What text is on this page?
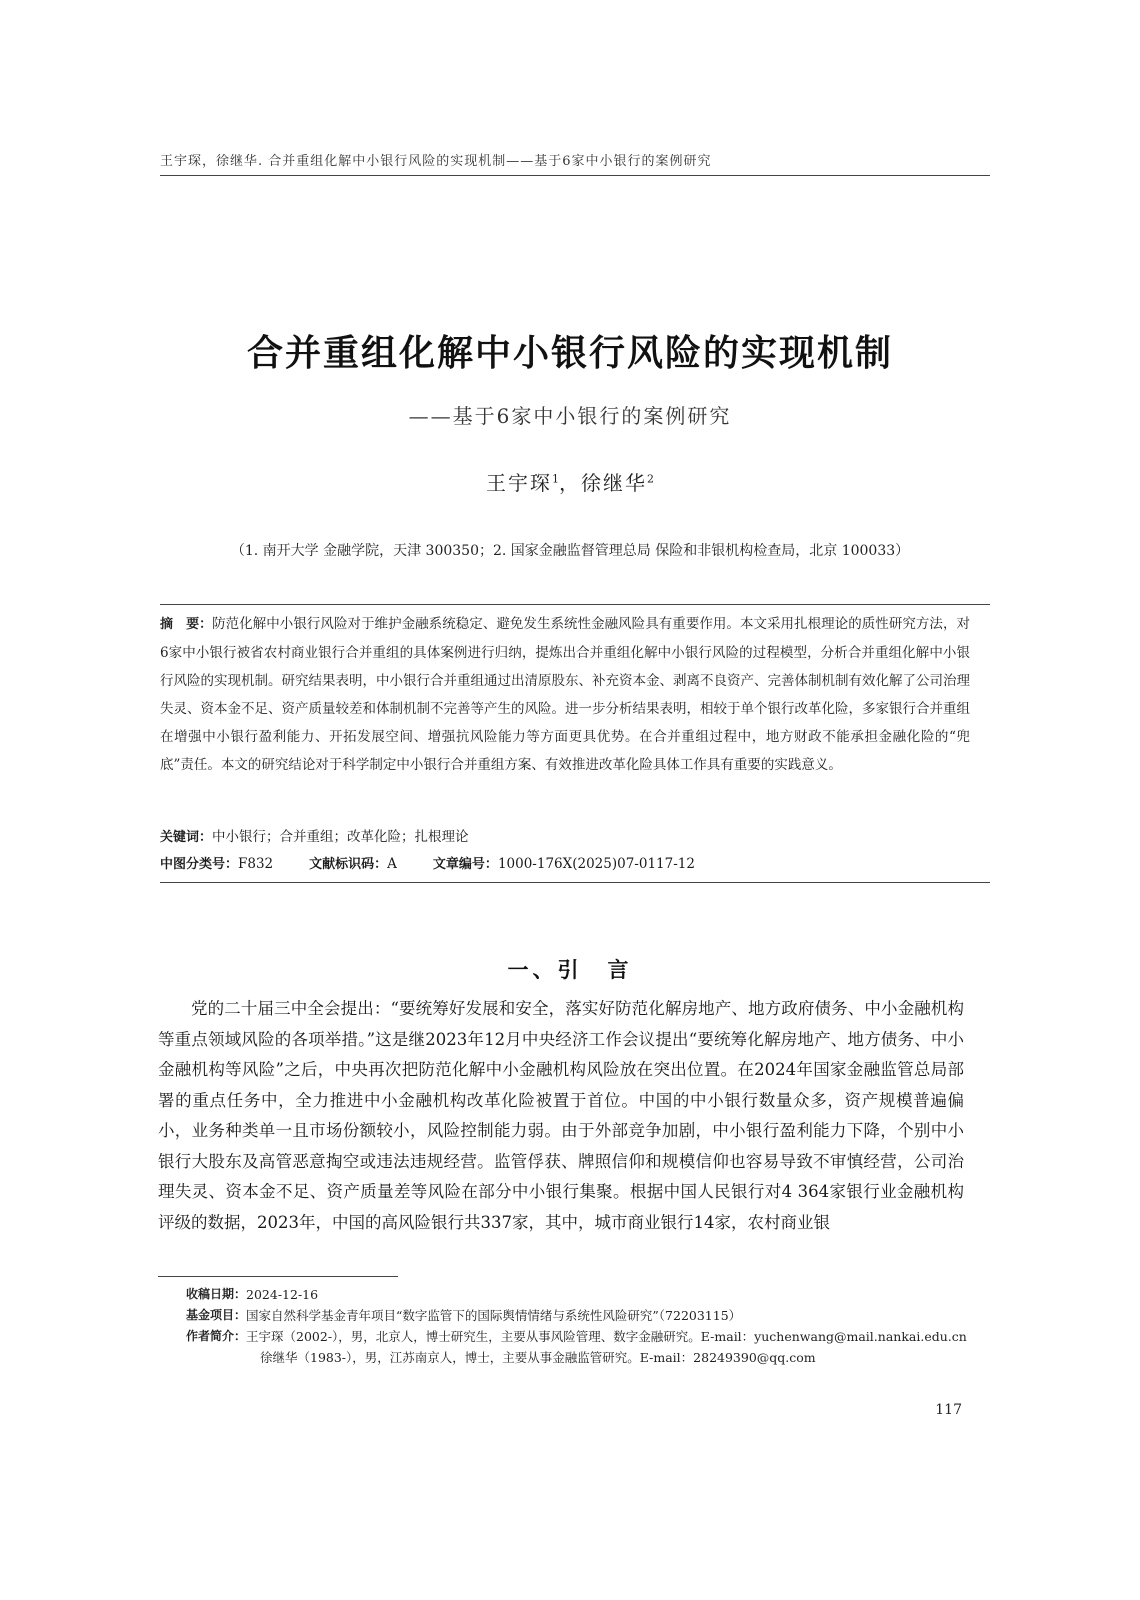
王宇琛，徐继华. 合并重组化解中小银行风险的实现机制——基于6家中小银行的案例研究
合并重组化解中小银行风险的实现机制
——基于6家中小银行的案例研究
王宇琛$^1$，徐继华$^2$
（1. 南开大学 金融学院，天津 300350；2. 国家金融监督管理总局 保险和非银机构检查局，北京 100033）
摘　要：防范化解中小银行风险对于维护金融系统稳定、避免发生系统性金融风险具有重要作用。本文采用扎根理论的质性研究方法，对6家中小银行被省农村商业银行合并重组的具体案例进行归纳，提炼出合并重组化解中小银行风险的过程模型，分析合并重组化解中小银行风险的实现机制。研究结果表明，中小银行合并重组通过出清原股东、补充资本金、剥离不良资产、完善体制机制有效化解了公司治理失灵、资本金不足、资产质量较差和体制机制不完善等产生的风险。进一步分析结果表明，相较于单个银行改革化险，多家银行合并重组在增强中小银行盈利能力、开拓发展空间、增强抗风险能力等方面更具优势。在合并重组过程中，地方财政不能承担金融化险的“兜底”责任。本文的研究结论对于科学制定中小银行合并重组方案、有效推进改革化险具体工作具有重要的实践意义。
关键词：中小银行；合并重组；改革化险；扎根理论
中图分类号：F832	文献标识码：A	文章编号：1000-176X(2025)07-0117-12
一、引　言
党的二十届三中全会提出：“要统筹好发展和安全，落实好防范化解房地产、地方政府债务、中小金融机构等重点领域风险的各项举措。”这是继2023年12月中央经济工作会议提出“要统筹化解房地产、地方债务、中小金融机构等风险”之后，中央再次把防范化解中小金融机构风险放在突出位置。在2024年国家金融监管总局部署的重点任务中，全力推进中小金融机构改革化险被置于首位。中国的中小银行数量众多，资产规模普遍偏小，业务种类单一且市场份额较小，风险控制能力弱。由于外部竞争加剧，中小银行盈利能力下降，个别中小银行大股东及高管恶意掏空或违法违规经营。监管俘获、牌照信仰和规模信仰也容易导致不审慎经营，公司治理失灵、资本金不足、资产质量差等风险在部分中小银行集聚。根据中国人民银行对4 364家银行业金融机构评级的数据，2023年，中国的高风险银行共337家，其中，城市商业银行14家，农村商业银
收稿日期： 2024-12-16
基金项目： 国家自然科学基金青年项目“数字监管下的国际舆情情绪与系统性风险研究”（72203115）
作者简介： 王宇琛（2002-），男，北京人，博士研究生，主要从事风险管理、数字金融研究。E-mail：yuchenwang@mail.nankai.edu.cn
徐继华（1983-），男，江苏南京人，博士，主要从事金融监管研究。E-mail：28249390@qq.com
117
